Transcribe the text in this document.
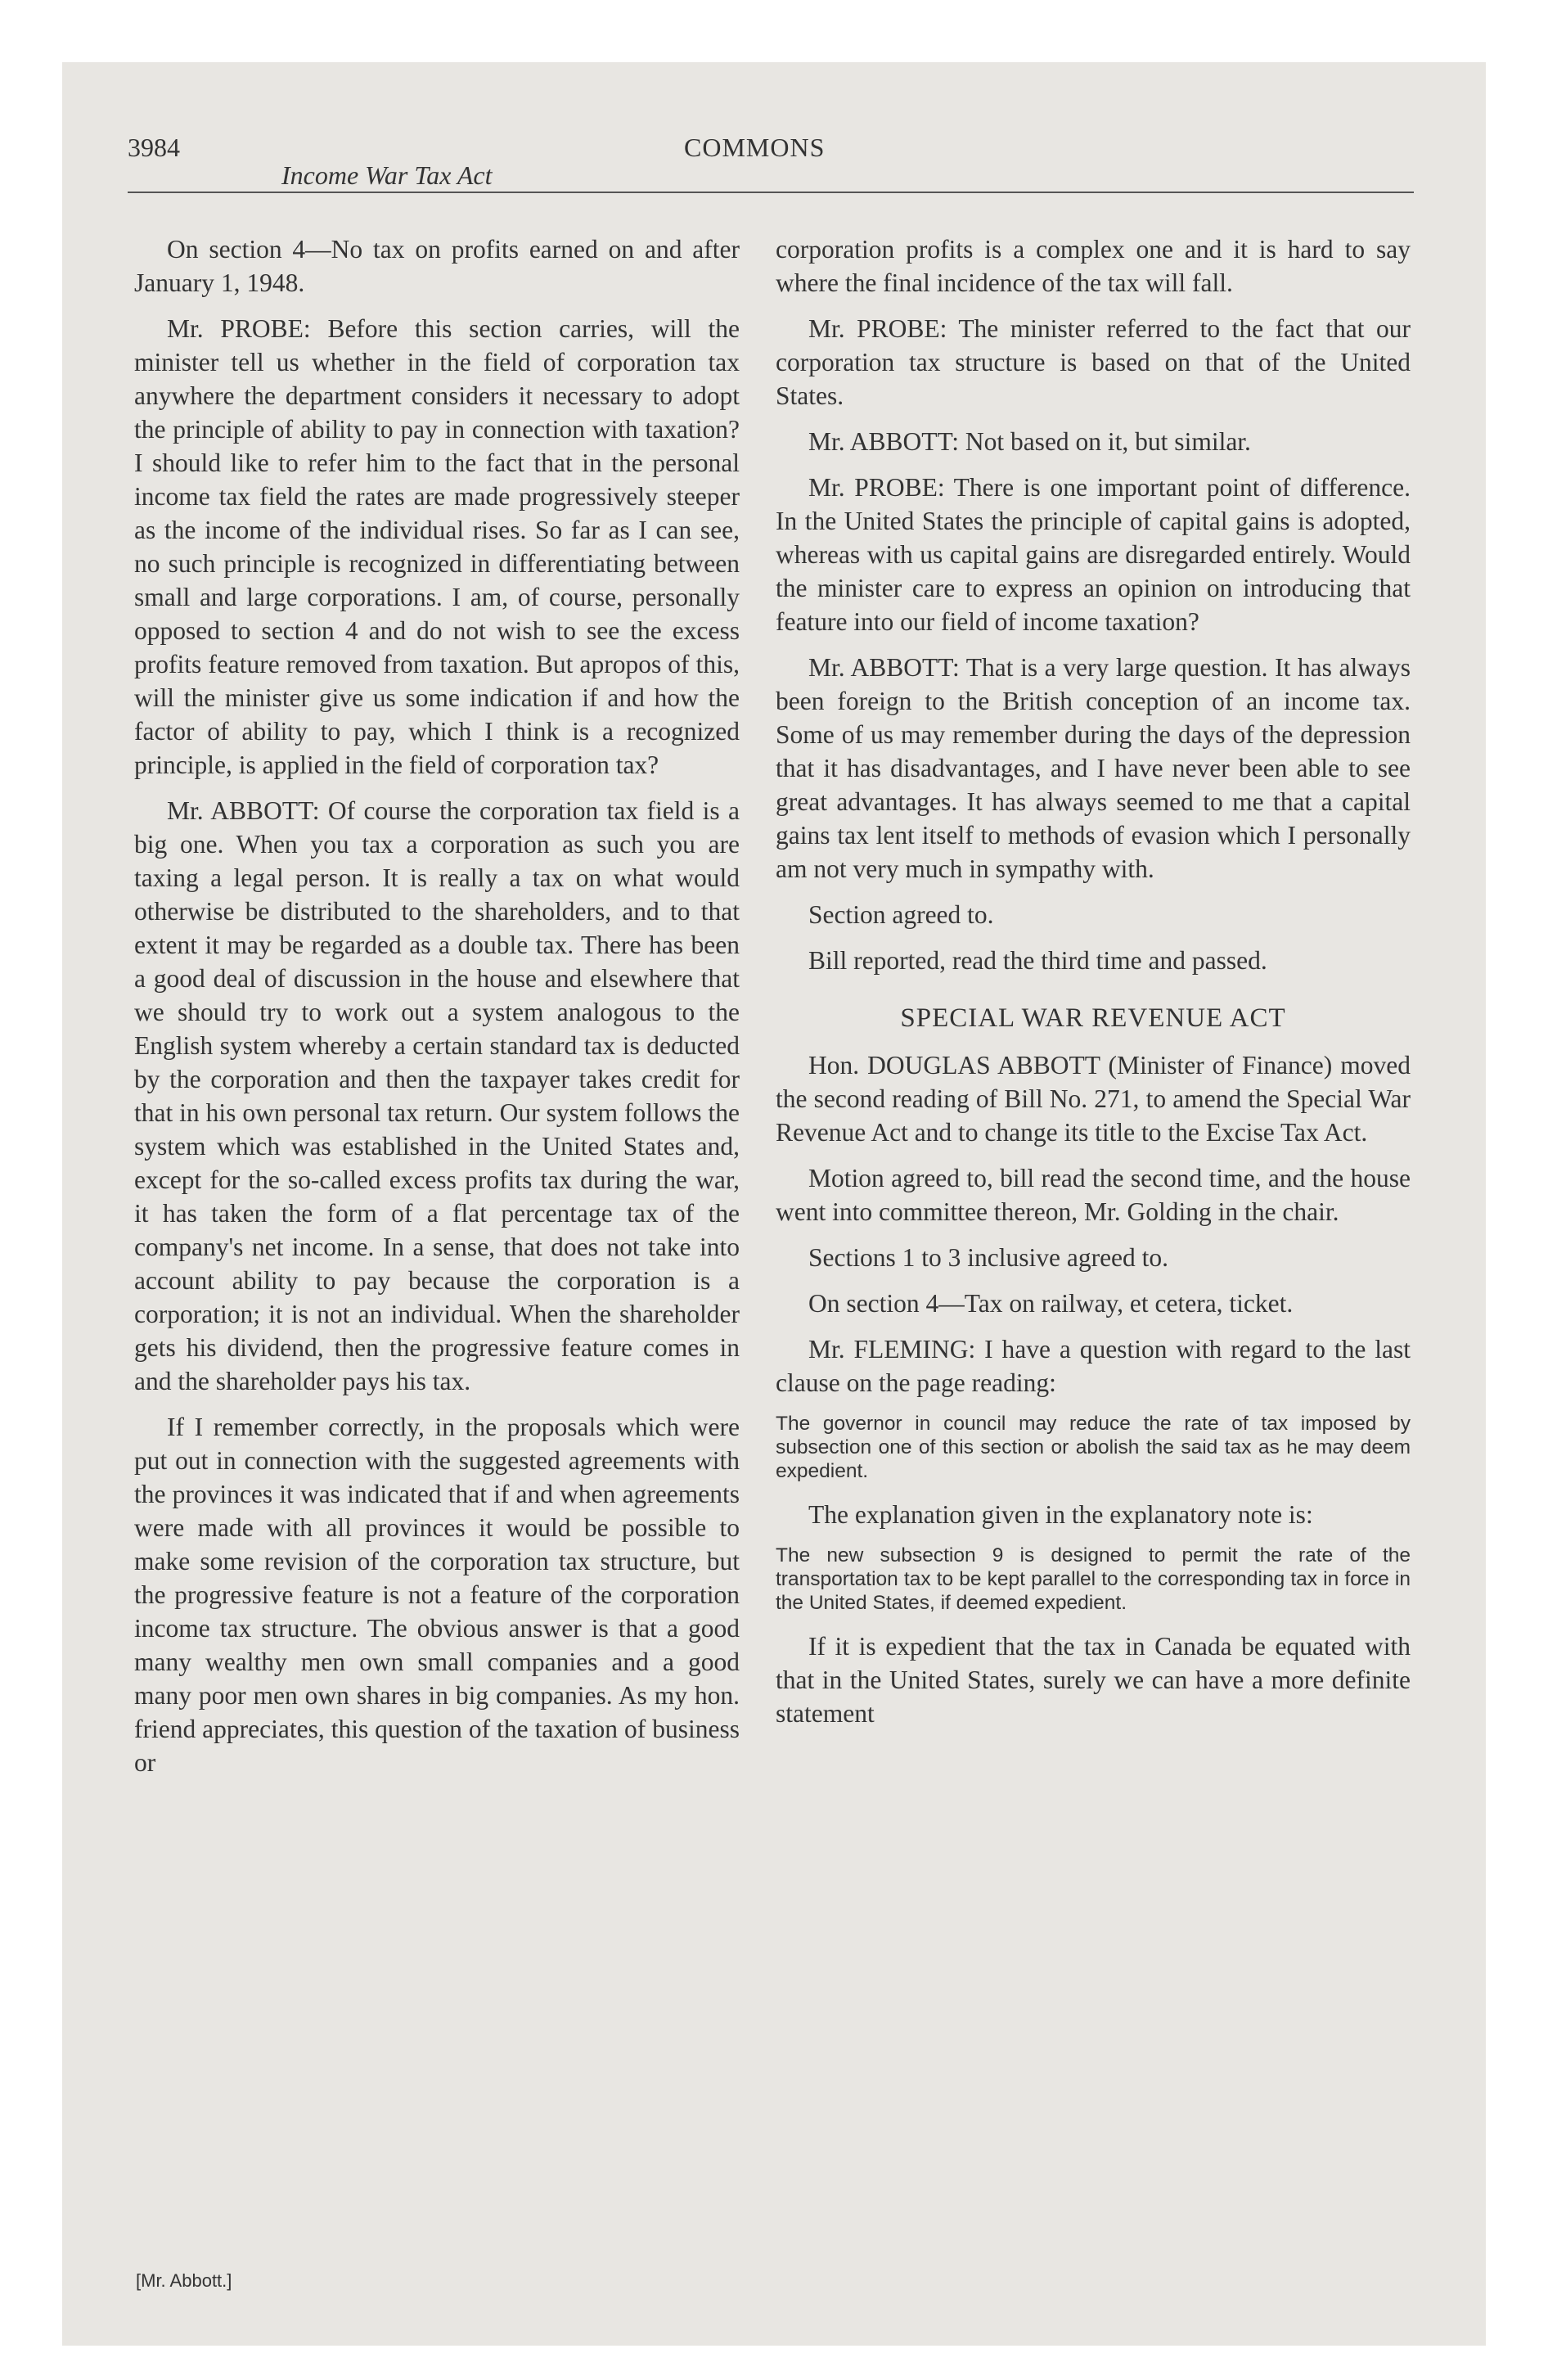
3984
Income War Tax Act
COMMONS

On section 4—No tax on profits earned on and after January 1, 1948.

Mr. PROBE: Before this section carries, will the minister tell us whether in the field of corporation tax anywhere the department considers it necessary to adopt the principle of ability to pay in connection with taxation? I should like to refer him to the fact that in the personal income tax field the rates are made progressively steeper as the income of the individual rises. So far as I can see, no such principle is recognized in differentiating between small and large corporations. I am, of course, personally opposed to section 4 and do not wish to see the excess profits feature removed from taxation. But apropos of this, will the minister give us some indication if and how the factor of ability to pay, which I think is a recognized principle, is applied in the field of corporation tax?

Mr. ABBOTT: Of course the corporation tax field is a big one. When you tax a corporation as such you are taxing a legal person. It is really a tax on what would otherwise be distributed to the shareholders, and to that extent it may be regarded as a double tax. There has been a good deal of discussion in the house and elsewhere that we should try to work out a system analogous to the English system whereby a certain standard tax is deducted by the corporation and then the taxpayer takes credit for that in his own personal tax return. Our system follows the system which was established in the United States and, except for the so-called excess profits tax during the war, it has taken the form of a flat percentage tax of the company's net income. In a sense, that does not take into account ability to pay because the corporation is a corporation; it is not an individual. When the shareholder gets his dividend, then the progressive feature comes in and the shareholder pays his tax.

If I remember correctly, in the proposals which were put out in connection with the suggested agreements with the provinces it was indicated that if and when agreements were made with all provinces it would be possible to make some revision of the corporation tax structure, but the progressive feature is not a feature of the corporation income tax structure. The obvious answer is that a good many wealthy men own small companies and a good many poor men own shares in big companies. As my hon. friend appreciates, this question of the taxation of business or

corporation profits is a complex one and it is hard to say where the final incidence of the tax will fall.

Mr. PROBE: The minister referred to the fact that our corporation tax structure is based on that of the United States.

Mr. ABBOTT: Not based on it, but similar.

Mr. PROBE: There is one important point of difference. In the United States the principle of capital gains is adopted, whereas with us capital gains are disregarded entirely. Would the minister care to express an opinion on introducing that feature into our field of income taxation?

Mr. ABBOTT: That is a very large question. It has always been foreign to the British conception of an income tax. Some of us may remember during the days of the depression that it has disadvantages, and I have never been able to see great advantages. It has always seemed to me that a capital gains tax lent itself to methods of evasion which I personally am not very much in sympathy with.

Section agreed to.

Bill reported, read the third time and passed.

SPECIAL WAR REVENUE ACT

Hon. DOUGLAS ABBOTT (Minister of Finance) moved the second reading of Bill No. 271, to amend the Special War Revenue Act and to change its title to the Excise Tax Act.

Motion agreed to, bill read the second time, and the house went into committee thereon, Mr. Golding in the chair.

Sections 1 to 3 inclusive agreed to.

On section 4—Tax on railway, et cetera, ticket.

Mr. FLEMING: I have a question with regard to the last clause on the page reading:

The governor in council may reduce the rate of tax imposed by subsection one of this section or abolish the said tax as he may deem expedient.

The explanation given in the explanatory note is:

The new subsection 9 is designed to permit the rate of the transportation tax to be kept parallel to the corresponding tax in force in the United States, if deemed expedient.

If it is expedient that the tax in Canada be equated with that in the United States, surely we can have a more definite statement

[Mr. Abbott.]
